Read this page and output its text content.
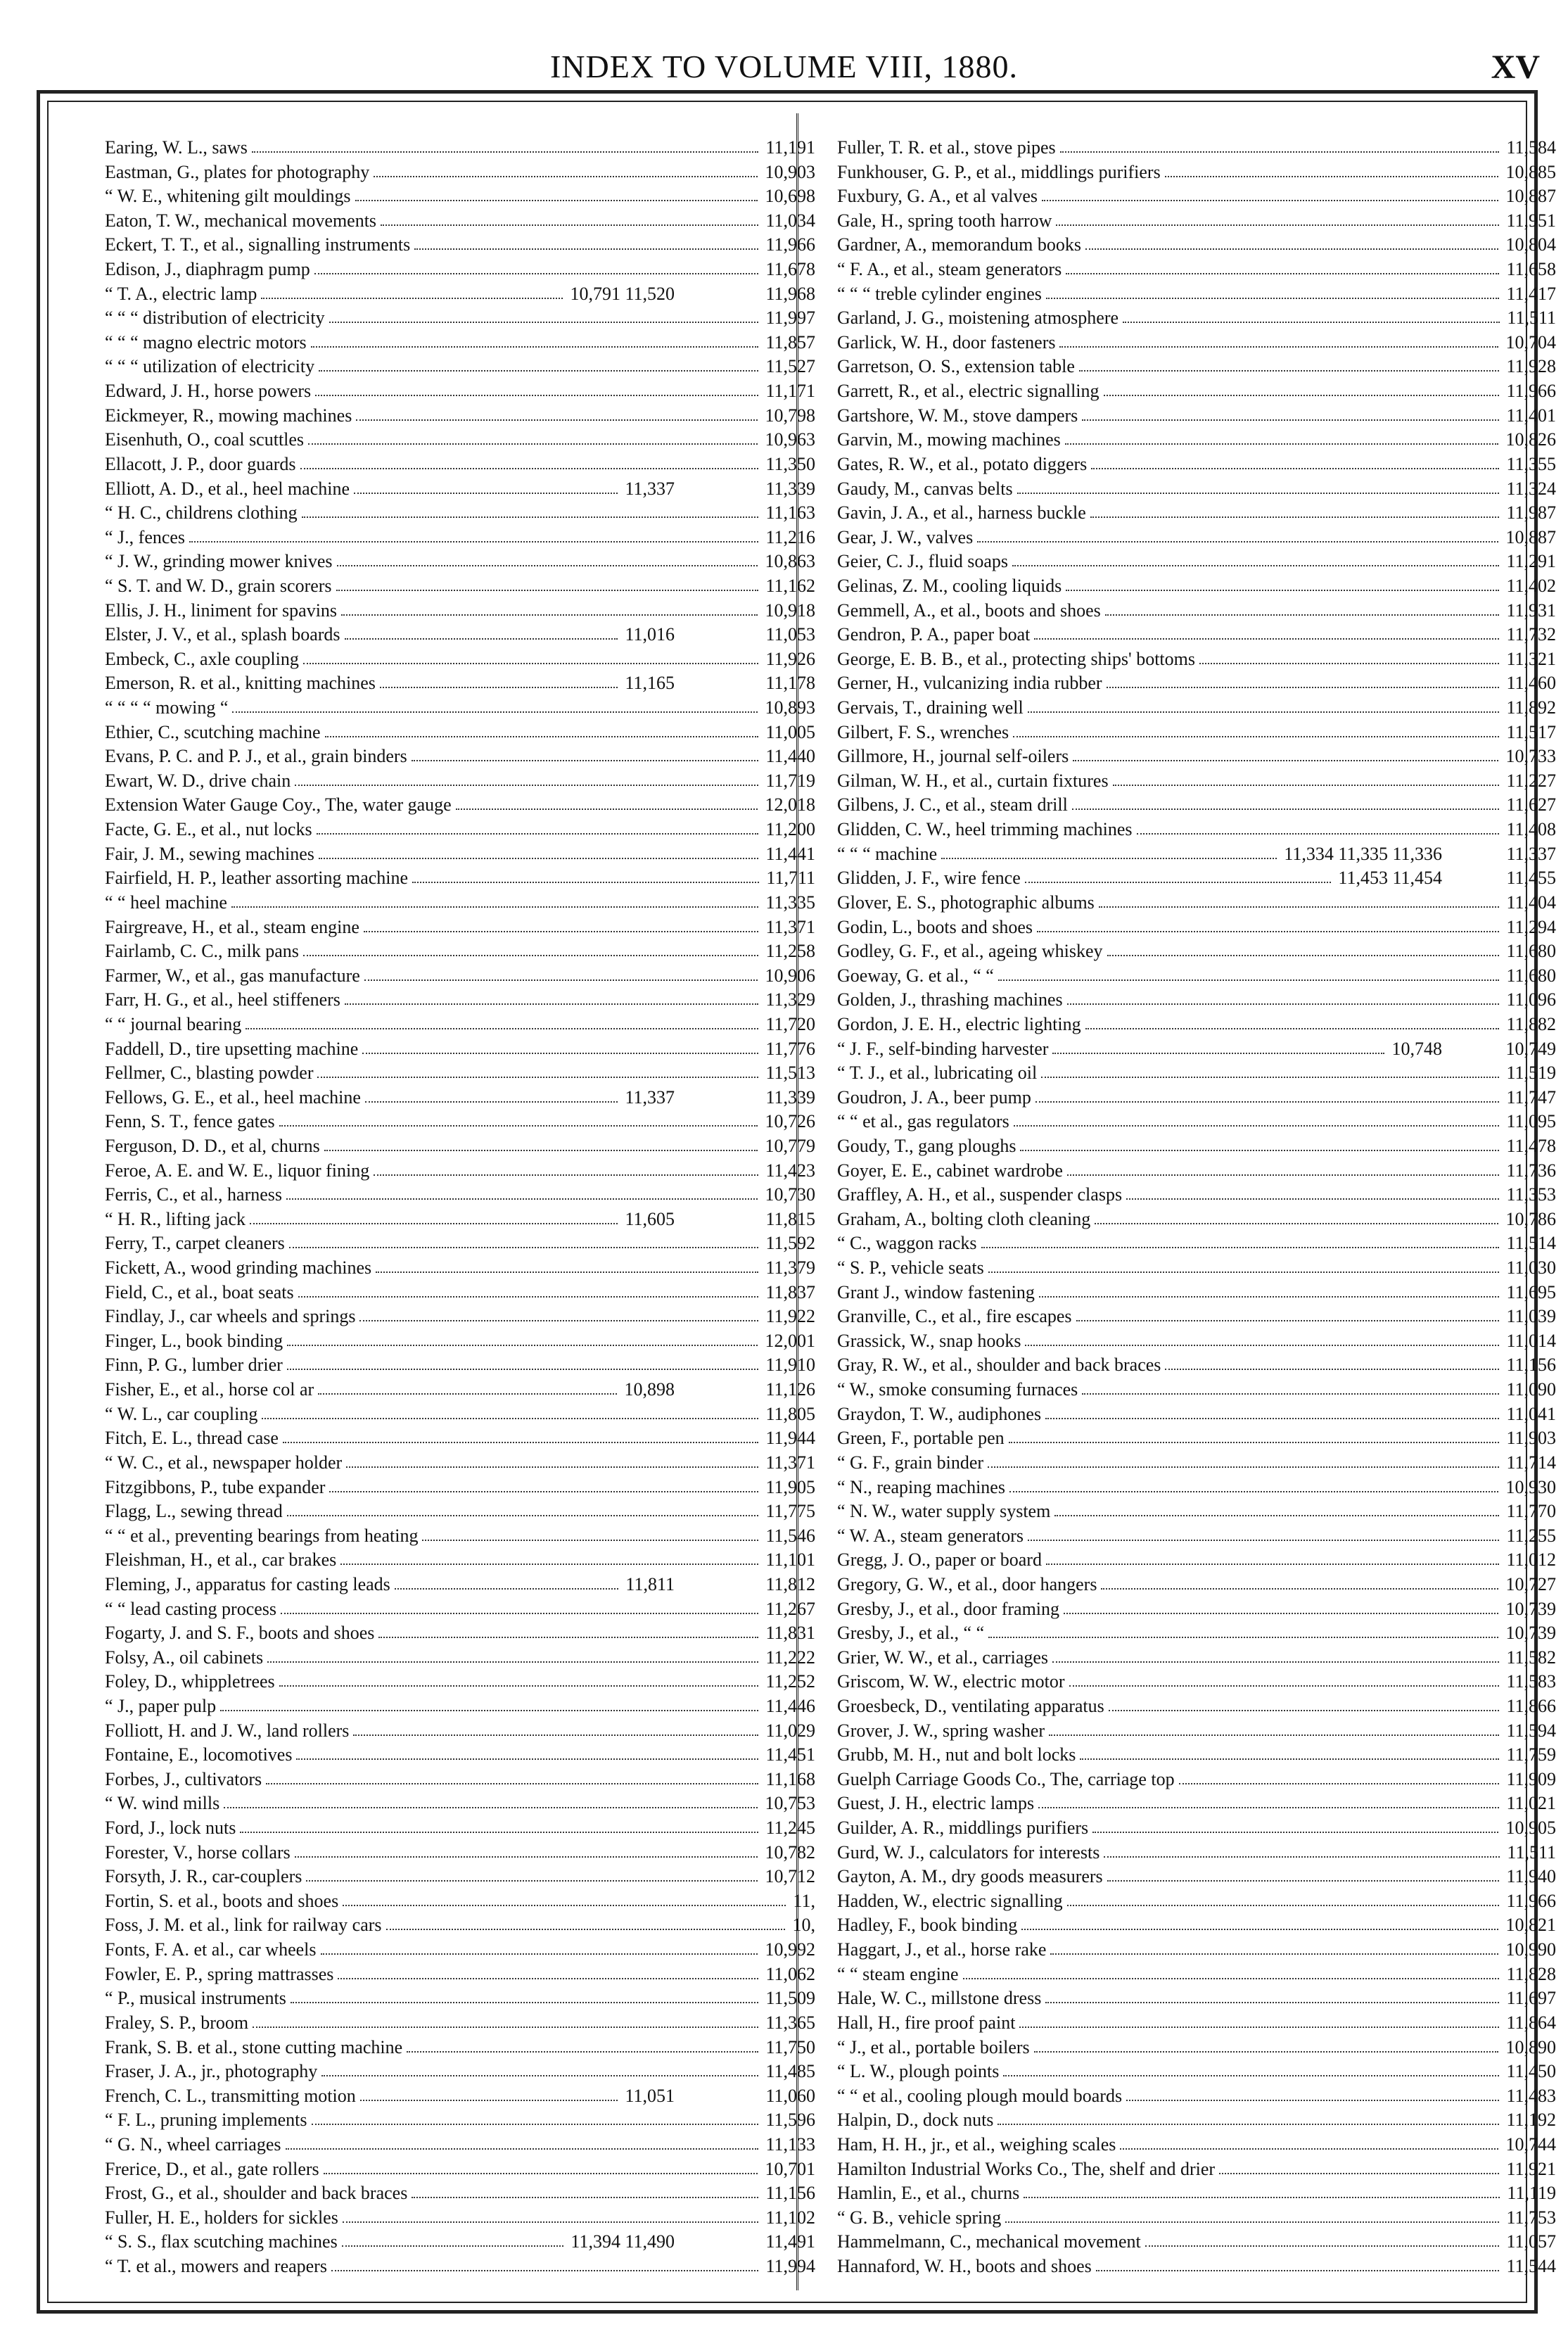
INDEX TO VOLUME VIII, 1880.	XV
Earing, W. L., saws	11,191
Eastman, G., plates for photography	10,903
“ W. E., whitening gilt mouldings	10,698
Eaton, T. W., mechanical movements	11,034
Eckert, T. T., et al., signalling instruments	11,966
Edison, J., diaphragm pump	11,678
“ T. A., electric lamp	10,791 11,520	11,968
“ “ “ distribution of electricity	11,997
“ “ “ magno electric motors	11,857
“ “ “ utilization of electricity	11,527
Edward, J. H., horse powers	11,171
Eickmeyer, R., mowing machines	10,798
Eisenhuth, O., coal scuttles	10,963
Ellacott, J. P., door guards	11,350
Elliott, A. D., et al., heel machine	11,337	11,339
“ H. C., childrens clothing	11,163
“ J., fences	11,216
“ J. W., grinding mower knives	10,863
“ S. T. and W. D., grain scorers	11,162
Ellis, J. H., liniment for spavins	10,918
Elster, J. V., et al., splash boards	11,016	11,053
Embeck, C., axle coupling	11,926
Emerson, R. et al., knitting machines	11,165	11,178
“ “ “ “ mowing “	10,893
Ethier, C., scutching machine	11,005
Evans, P. C. and P. J., et al., grain binders	11,440
Ewart, W. D., drive chain	11,719
Extension Water Gauge Coy., The, water gauge	12,018
Facte, G. E., et al., nut locks	11,200
Fair, J. M., sewing machines	11,441
Fairfield, H. P., leather assorting machine	11,711
“ “ heel machine	11,335
Fairgreave, H., et al., steam engine	11,371
Fairlamb, C. C., milk pans	11,258
Farmer, W., et al., gas manufacture	10,906
Farr, H. G., et al., heel stiffeners	11,329
“ “ journal bearing	11,720
Faddell, D., tire upsetting machine	11,776
Fellmer, C., blasting powder	11,513
Fellows, G. E., et al., heel machine	11,337	11,339
Fenn, S. T., fence gates	10,726
Ferguson, D. D., et al, churns	10,779
Feroe, A. E. and W. E., liquor fining	11,423
Ferris, C., et al., harness	10,730
“ H. R., lifting jack	11,605	11,815
Ferry, T., carpet cleaners	11,592
Fickett, A., wood grinding machines	11,379
Field, C., et al., boat seats	11,837
Findlay, J., car wheels and springs	11,922
Finger, L., book binding	12,001
Finn, P. G., lumber drier	11,910
Fisher, E., et al., horse col ar	10,898	11,126
“ W. L., car coupling	11,805
Fitch, E. L., thread case	11,944
“ W. C., et al., newspaper holder	11,371
Fitzgibbons, P., tube expander	11,905
Flagg, L., sewing thread	11,775
“ “ et al., preventing bearings from heating	11,546
Fleishman, H., et al., car brakes	11,101
Fleming, J., apparatus for casting leads	11,811	11,812
“ “ lead casting process	11,267
Fogarty, J. and S. F., boots and shoes	11,831
Folsy, A., oil cabinets	11,222
Foley, D., whippletrees	11,252
“ J., paper pulp	11,446
Folliott, H. and J. W., land rollers	11,029
Fontaine, E., locomotives	11,451
Forbes, J., cultivators	11,168
“ W. wind mills	10,753
Ford, J., lock nuts	11,245
Forester, V., horse collars	10,782
Forsyth, J. R., car-couplers	10,712
Fortin, S. et al., boots and shoes	11,
Foss, J. M. et al., link for railway cars	10,
Fonts, F. A. et al., car wheels	10,992
Fowler, E. P., spring mattrasses	11,062
“ P., musical instruments	11,509
Fraley, S. P., broom	11,365
Frank, S. B. et al., stone cutting machine	11,750
Fraser, J. A., jr., photography	11,485
French, C. L., transmitting motion	11,051	11,060
“ F. L., pruning implements	11,596
“ G. N., wheel carriages	11,133
Frerice, D., et al., gate rollers	10,701
Frost, G., et al., shoulder and back braces	11,156
Fuller, H. E., holders for sickles	11,102
“ S. S., flax scutching machines	11,394 11,490	11,491
“ T. et al., mowers and reapers	11,994
Fuller, T. R. et al., stove pipes	11,584
Funkhouser, G. P., et al., middlings purifiers	10,885
Fuxbury, G. A., et al valves	10,887
Gale, H., spring tooth harrow	11,951
Gardner, A., memorandum books	10,804
“ F. A., et al., steam generators	11,658
“ “ “ treble cylinder engines	11,417
Garland, J. G., moistening atmosphere	11,511
Garlick, W. H., door fasteners	10,704
Garretson, O. S., extension table	11,928
Garrett, R., et al., electric signalling	11,966
Gartshore, W. M., stove dampers	11,401
Garvin, M., mowing machines	10,826
Gates, R. W., et al., potato diggers	11,355
Gaudy, M., canvas belts	11,324
Gavin, J. A., et al., harness buckle	11,987
Gear, J. W., valves	10,887
Geier, C. J., fluid soaps	11,291
Gelinas, Z. M., cooling liquids	11,402
Gemmell, A., et al., boots and shoes	11,931
Gendron, P. A., paper boat	11,732
George, E. B. B., et al., protecting ships' bottoms	11,321
Gerner, H., vulcanizing india rubber	11,460
Gervais, T., draining well	11,892
Gilbert, F. S., wrenches	11,517
Gillmore, H., journal self-oilers	10,733
Gilman, W. H., et al., curtain fixtures	11,227
Gilbens, J. C., et al., steam drill	11,627
Glidden, C. W., heel trimming machines	11,408
“ “ “ machine	11,334 11,335 11,336	11,337
Glidden, J. F., wire fence	11,453 11,454	11,455
Glover, E. S., photographic albums	11,404
Godin, L., boots and shoes	11,294
Godley, G. F., et al., ageing whiskey	11,680
Goeway, G. et al., “ “	11,680
Golden, J., thrashing machines	11,096
Gordon, J. E. H., electric lighting	11,882
“ J. F., self-binding harvester	10,748	10,749
“ T. J., et al., lubricating oil	11,519
Goudron, J. A., beer pump	11,747
“ “ et al., gas regulators	11,095
Goudy, T., gang ploughs	11,478
Goyer, E. E., cabinet wardrobe	11,736
Graffley, A. H., et al., suspender clasps	11,353
Graham, A., bolting cloth cleaning	10,786
“ C., waggon racks	11,514
“ S. P., vehicle seats	11,030
Grant J., window fastening	11,695
Granville, C., et al., fire escapes	11,039
Grassick, W., snap hooks	11,014
Gray, R. W., et al., shoulder and back braces	11,156
“ W., smoke consuming furnaces	11,090
Graydon, T. W., audiphones	11,041
Green, F., portable pen	11,903
“ G. F., grain binder	11,714
“ N., reaping machines	10,930
“ N. W., water supply system	11,770
“ W. A., steam generators	11,255
Gregg, J. O., paper or board	11,012
Gregory, G. W., et al., door hangers	10,727
Gresby, J., et al., door framing	10,739
Gresby, J., et al., “ “	10,739
Grier, W. W., et al., carriages	11,582
Griscom, W. W., electric motor	11,583
Groesbeck, D., ventilating apparatus	11,866
Grover, J. W., spring washer	11,594
Grubb, M. H., nut and bolt locks	11,759
Guelph Carriage Goods Co., The, carriage top	11,909
Guest, J. H., electric lamps	11,021
Guilder, A. R., middlings purifiers	10,905
Gurd, W. J., calculators for interests	11,511
Gayton, A. M., dry goods measurers	11,940
Hadden, W., electric signalling	11,966
Hadley, F., book binding	10,821
Haggart, J., et al., horse rake	10,990
“ “ steam engine	11,828
Hale, W. C., millstone dress	11,697
Hall, H., fire proof paint	11,864
“ J., et al., portable boilers	10,890
“ L. W., plough points	11,450
“ “ et al., cooling plough mould boards	11,483
Halpin, D., dock nuts	11,192
Ham, H. H., jr., et al., weighing scales	10,744
Hamilton Industrial Works Co., The, shelf and drier	11,921
Hamlin, E., et al., churns	11,119
“ G. B., vehicle spring	11,753
Hammelmann, C., mechanical movement	11,057
Hannaford, W. H., boots and shoes	11,544
